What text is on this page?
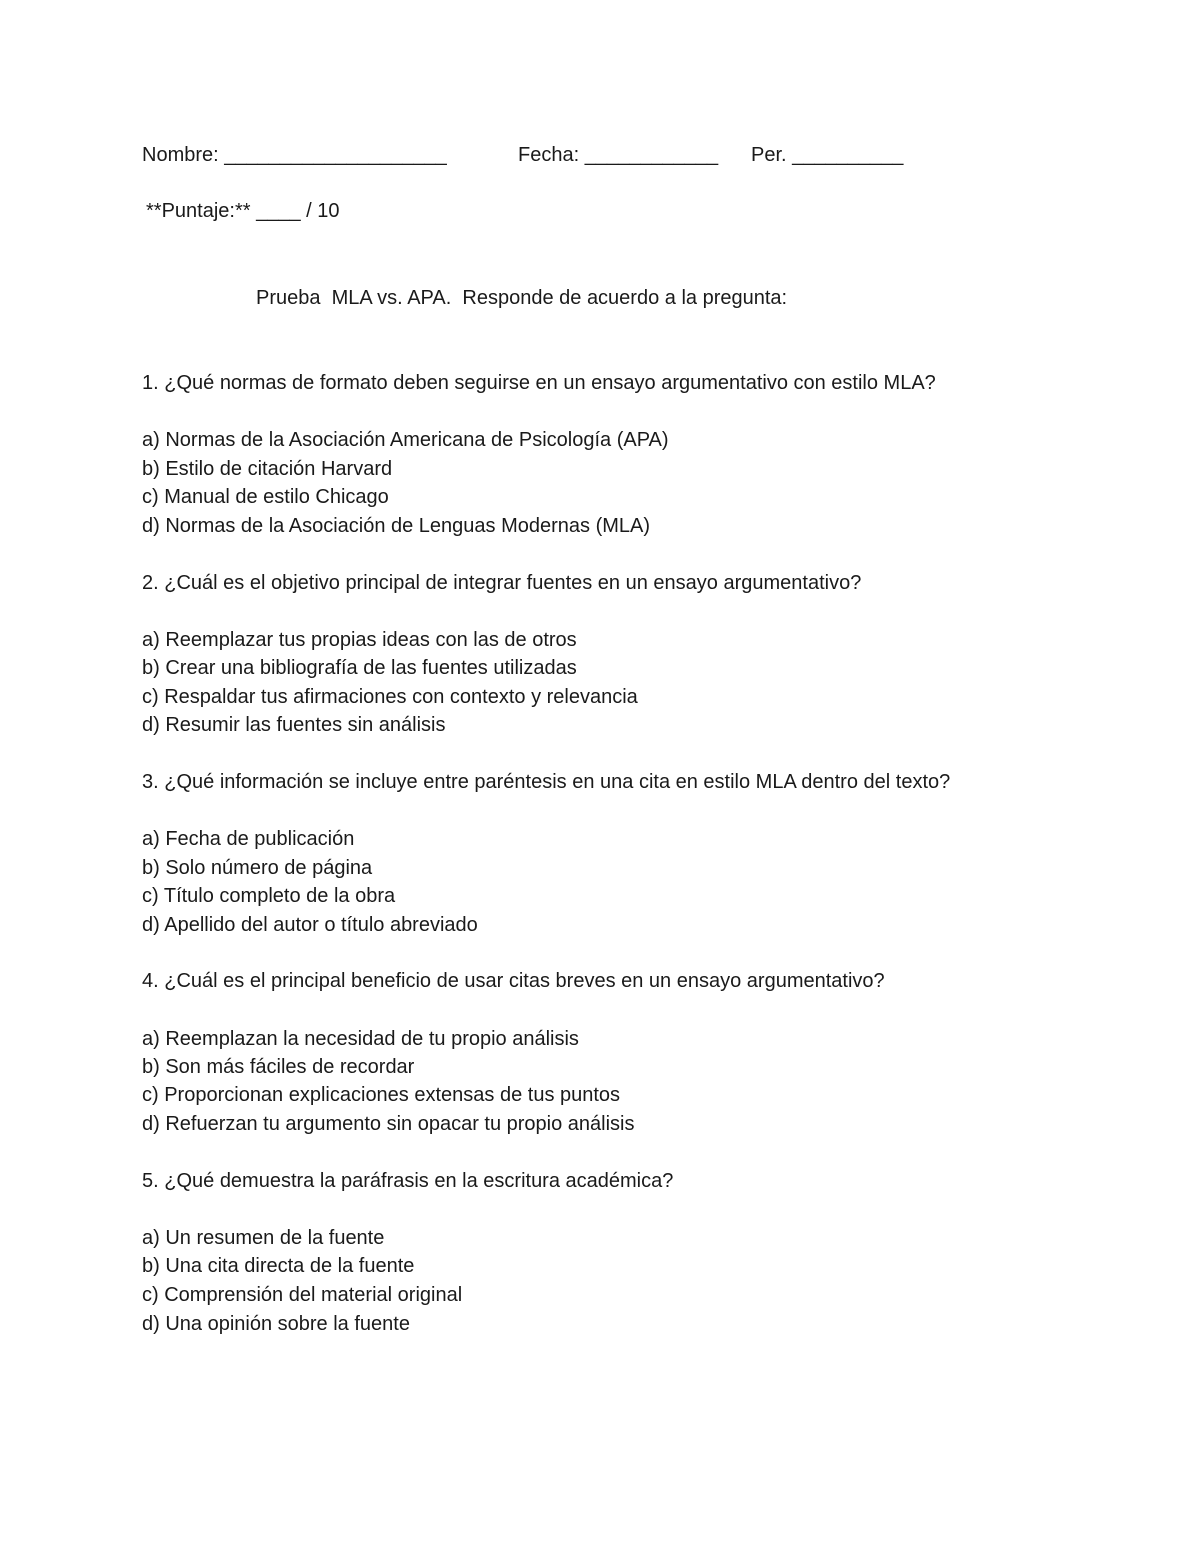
Nombre: ____________________	Fecha: ____________ Per. __________

**Puntaje:** ____ / 10

Prueba  MLA vs. APA.  Responde de acuerdo a la pregunta:

1. ¿Qué normas de formato deben seguirse en un ensayo argumentativo con estilo MLA?
a) Normas de la Asociación Americana de Psicología (APA)
b) Estilo de citación Harvard
c) Manual de estilo Chicago
d) Normas de la Asociación de Lenguas Modernas (MLA)
2. ¿Cuál es el objetivo principal de integrar fuentes en un ensayo argumentativo?
a) Reemplazar tus propias ideas con las de otros
b) Crear una bibliografía de las fuentes utilizadas
c) Respaldar tus afirmaciones con contexto y relevancia
d) Resumir las fuentes sin análisis
3. ¿Qué información se incluye entre paréntesis en una cita en estilo MLA dentro del texto?
a) Fecha de publicación
b) Solo número de página
c) Título completo de la obra
d) Apellido del autor o título abreviado
4. ¿Cuál es el principal beneficio de usar citas breves en un ensayo argumentativo?
a) Reemplazan la necesidad de tu propio análisis
b) Son más fáciles de recordar
c) Proporcionan explicaciones extensas de tus puntos
d) Refuerzan tu argumento sin opacar tu propio análisis
5. ¿Qué demuestra la paráfrasis en la escritura académica?
a) Un resumen de la fuente
b) Una cita directa de la fuente
c) Comprensión del material original
d) Una opinión sobre la fuente
